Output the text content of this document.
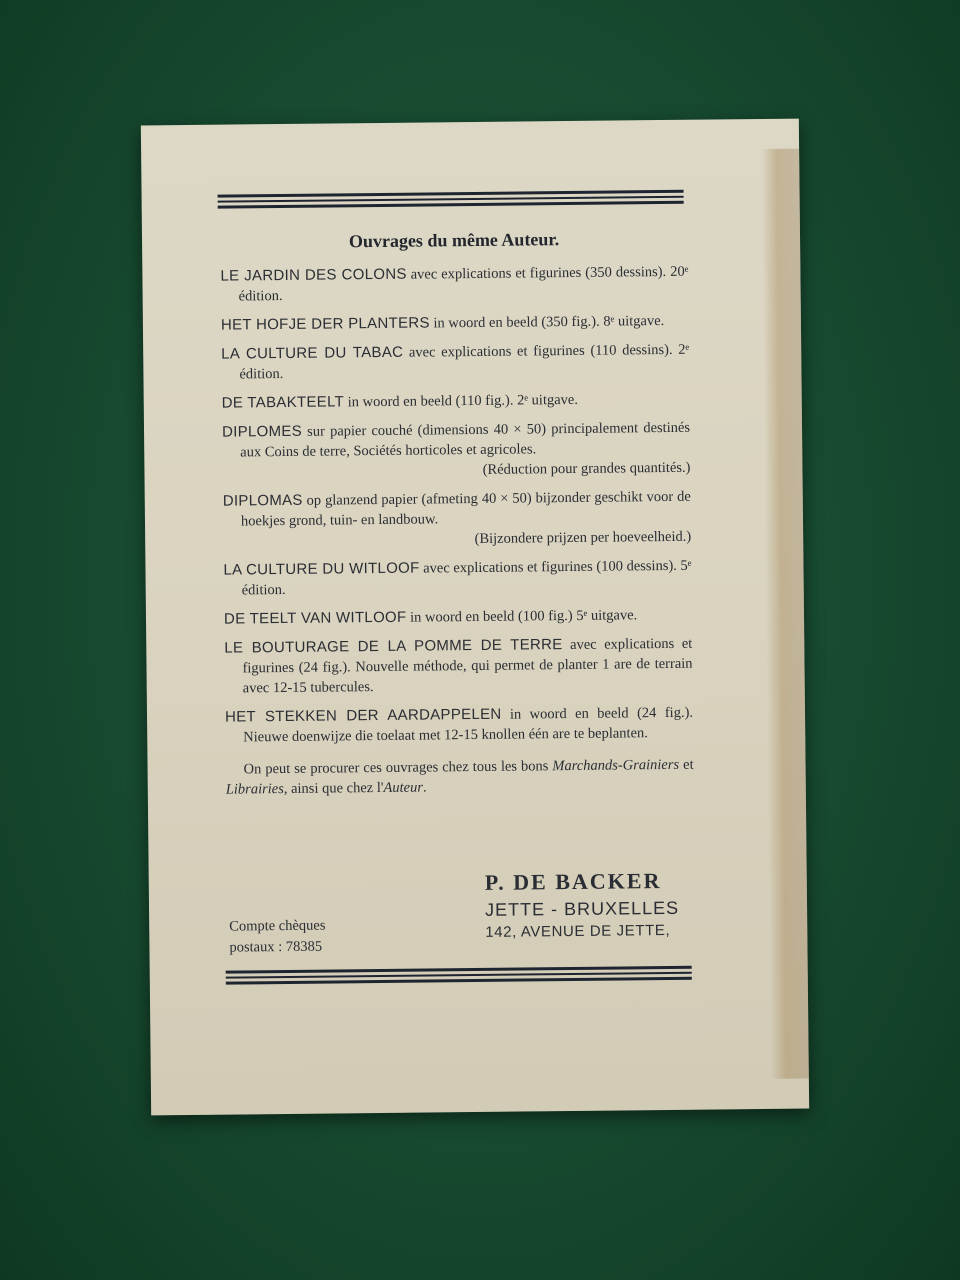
Ouvrages du même Auteur.
LE JARDIN DES COLONS avec explications et figurines (350 dessins). 20ᵉ édition.
HET HOFJE DER PLANTERS in woord en beeld (350 fig.). 8ᵉ uitgave.
LA CULTURE DU TABAC avec explications et figurines (110 dessins). 2ᵉ édition.
DE TABAKTEELT in woord en beeld (110 fig.). 2ᵉ uitgave.
DIPLOMES sur papier couché (dimensions 40 × 50) principalement destinés aux Coins de terre, Sociétés horticoles et agricoles.
(Réduction pour grandes quantités.)
DIPLOMAS op glanzend papier (afmeting 40 × 50) bijzonder geschikt voor de hoekjes grond, tuin- en landbouw.
(Bijzondere prijzen per hoeveelheid.)
LA CULTURE DU WITLOOF avec explications et figurines (100 dessins). 5ᵉ édition.
DE TEELT VAN WITLOOF in woord en beeld (100 fig.) 5ᵉ uitgave.
LE BOUTURAGE DE LA POMME DE TERRE avec explications et figurines (24 fig.). Nouvelle méthode, qui permet de planter 1 are de terrain avec 12-15 tubercules.
HET STEKKEN DER AARDAPPELEN in woord en beeld (24 fig.). Nieuwe doenwijze die toelaat met 12-15 knollen één are te beplanten.
On peut se procurer ces ouvrages chez tous les bons Marchands-Grainiers et Librairies, ainsi que chez l'Auteur.
Compte chèques
postaux : 78385
P. DE BACKER
JETTE - BRUXELLES
142, AVENUE DE JETTE,
